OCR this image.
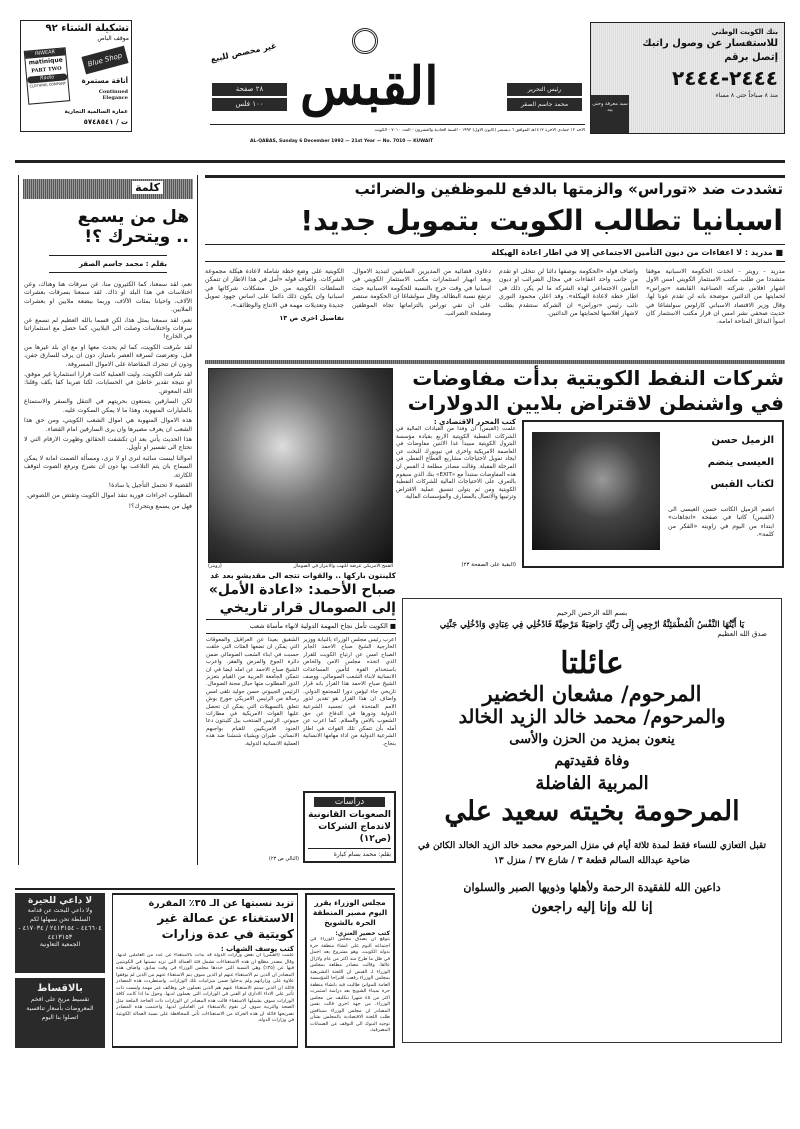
تشكيلة الشتاء ٩٢
موقف الباص
Blue Shop
INWEAR
matinique
PART TWO
Radio
CLOTHING COMPANY	أناقة مستمرة
Continued Elegance
عمارة السالمية التجارية
ت / ٥٧٤٨٥٤١
غير مخصص للبيع
القبس
٢٨ صفحة
١٠٠ فلس
رئيس التحرير
محمد جاسم الصقر
الاحد ١٢ جمادى الآخرة ١٤١٣هـ الموافق ٦ ديسمبر (كانون الأول) ١٩٩٢ - السنة الحادية والعشرون - العدد ٧٠١٠ - الكويت
AL-QABAS, Sunday 6 December 1992 — 21st Year — No. 7010 — KUWAIT
بنك الكويت الوطني
للاستفسار عن وصول راتبك
إتصل برقم
٢٤٤٤-٢٤٤٤
منذ ٨ صباحاً حتى ٨ مساء
سيد معرفة وحتى يبه
كلمة
هل من يسمع
.. ويتحرك ؟!
بقلم : محمد جاسم الصقر
نعم، لقد سمعنا، كما الكثيرون منا، عن سرقات هنا وهناك، وعن اختلاسات في هذا البلد او ذاك. لقد سمعنا بسرقات بعشرات الآلاف، واحيانا بمئات الآلاف، وربما ببضعة ملايين او بعشرات الملايين.
نعم، لقد سمعنا بمثل هذا، لكن قسما بالله العظيم لم نسمع عن سرقات واختلاسات وصلت الى البلايين، كما حصل مع استثماراتنا في الخارج!
لقد سُرقت الكويت، كما لم يحدث معها او مع اي بلد غيرها من قبل، وتعرضت لسرقة العصر بامتياز، دون ان يرف للسارق جفن، ودون ان تتحرك المقاضاة على الاموال المسروقة.
لقد سُرقت الكويت، وليت العملية كانت قرارا استثماريا غير موفق، او نتيجة تقدير خاطئ في الحسابات، لكنا ضربنا كفا بكف وقلنا: الله المعوض.
لكن السارقين يتمتعون بحريتهم في التنقل والسفر والاستمتاع بالمليارات المنهوبة، وهذا ما لا يمكن السكوت عليه.
هذه الاموال المنهوبة هي اموال الشعب الكويتي، ومن حق هذا الشعب ان يعرف مصيرها وان يرى السارقين امام القضاء.
هذا الحديث يأتي بعد ان تكشفت الحقائق وظهرت الارقام التي لا تحتاج الى تفسير او تأويل.
اموالنا ليست سائبة لنرى او لا نرى، ومسألة الصمت امانة لا يمكن السماح بان يتم التلاعب بها دون ان نصرخ ونرفع الصوت لتوقف الكارثة.
القضية لا تحتمل التأجيل يا سادة!
المطلوب اجراءات فورية تنقذ اموال الكويت وتقتص من اللصوص.
فهل من يسمع ويتحرك؟!
تشددت ضد «توراس» والزمتها بالدفع للموظفين والضرائب
اسبانيا تطالب الكويت بتمويل جديد!
■ مدريد : لا اعفاءات من ديون التأمين الاجتماعي إلا في اطار اعادة الهيكلة
مدريد - رويتر - اتخذت الحكومة الاسبانية موقفا متشددا من طلب مكتب الاستثمار الكويتي امس الاول اشهار افلاس شركته الصناعية القابضة «توراس» لحمايتها من الدائنين موضحة بانه لن تقدم عونا لها. وقال وزير الاقتصاد الاسباني كارلوس سولشاغا في حديث صحفي نشر امس ان قرار مكتب الاستثمار كان اسوأ البدائل المتاحة امامه.
واضاف قوله «الحكومة بوصفها دائنا لن تتخلى او تقدم من جانب واحد اعفاءات في مجال الضرائب او ديون التأمين الاجتماعي لهذه الشركة ما لم يكن ذلك في اطار خطة لاعادة الهيكلة». وقد اعلن محمود النوري نائب رئيس «توراس» ان الشركة ستتقدم بطلب لاشهار افلاسها لحمايتها من الدائنين.
دعاوى قضائية من المديرين السابقين لتبديد الاموال. وبعد انهيار استثمارات مكتب الاستثمار الكويتي في اسبانيا في وقت حرج بالنسبة للحكومة الاسبانية حيث ترتفع نسبة البطالة. وقال سولشاغا ان الحكومة ستصر على ان تفي توراس بالتزاماتها تجاه الموظفين ومصلحة الضرائب.
الكويتية على وضع خطة شاملة لاعادة هيكلة مجموعة الشركات. واضاف قوله «أمل في هذا الاطار ان تتمكن السلطات الكويتية من حل مشكلات شركاتها في اسبانيا وان يكون ذلك دائما على اساس جهود تمويل جديدة وتعديلات مهمة في الانتاج والوظائف».
تفاصيل اخرى ص ١٣
القمح الامريكي عرضة للنهب والابتزاز في الصومال
(رويتر)
شركات النفط الكويتية بدأت مفاوضات
في واشنطن لاقتراض بلايين الدولارات
كتب المحرر الاقتصادي :
علمت (القبس) ان وفدا من القيادات المالية في الشركات النفطية الكويتية الاربع بقيادة مؤسسة البترول الكويتية سيبدأ غدا الاثنين مفاوضات في العاصمة الامريكية واخرى في نيويورك للبحث عن ايجاد تمويل لاحتياجات مشاريع القطاع النفطي في المرحلة المقبلة. وقالت مصادر مطلعة لـ القبس ان هذه المفاوضات ستبدأ مع «EXIT» بنك الذي سيقوم بالتعرف على الاحتياجات المالية للشركات النفطية الكويتية ومن ثم يتولى تنسيق عملية الاقتراض وترتيبها والاتصال بالمصارف والمؤسسات المالية.
(البقية على الصفحة ٢٣)
الزميل حسن
العيسى ينضم
لكتاب القبس
انضم الزميل الكاتب حسن العيسى الى (القبس) كاتبا في صفحة «اتجاهات» ابتداء من اليوم في زاويته «الفكر من كلمة».
كلينتون باركها .. والقوات تتجه الى مقديشو بعد غد
صباح الأحمد: «اعادة الأمل»
إلى الصومال قرار تاريخي
■ الكويت تأمل نجاح المهمة الدولية لانهاء مأساة شعب
اعرب رئيس مجلس الوزراء بالنيابة ووزير الخارجية الشيخ صباح الاحمد الجابر الصباح امس عن ارتياح الكويت للقرار الذي اتخذه مجلس الامن والخاص باستخدام القوة لتأمين المساعدات الانسانية لابناء الشعب الصومالي. ووصف الشيخ صباح الاحمد هذا القرار بانه قرار تاريخي جاء ليؤمن دورا للمجتمع الدولي. واضاف ان هذا القرار هو تقدير لدور الامم المتحدة في تجسيد الشرعية الدولية ودورها في الدفاع عن حق الشعوب بالامن والسلام. كما اعرب عن أمله بأن تتمكن تلك القوات في اطار الشرعية الدولية من اداء مهامها الانسانية بنجاح.
دراسات
الصعوبات القانونية لاندماج الشركات (ص١٢)
بقلم: محمد بسام كبارة
الشقيق بعيدا عن العراقيل والمعوقات التي يمكن ان تضعها الفئات التي خلقت حسبت في ابناء الشعب الصومالي ضمن دائرة الجوع والمرض والفقر. واعرب الشيخ صباح الاحمد عن امله ايضا في ان تتمكن الجامعة العربية من القيام بتعزيز الدور المطلوب منها حيال محنة الصومال. الرئيس الجيبوتي حسن جوليد تلقى امس رسالة من الرئيس الامريكي جورج بوش تتعلق بالتسهيلات التي يمكن ان تحصل عليها القوات الامريكية في مطارات جيبوتي. الرئيس المنتخب بيل كلينتون دعا الجنود الامريكيين للقيام بواجبهم الانساني. طيران ويشياء شنشنا ضد هذه العملية الانسانية الدولية.
(التالي ص ٢٣)
بسم الله الرحمن الرحيم
يَا أَيَّتُهَا النَّفْسُ الْمُطْمَئِنَّةُ ارْجِعِي إِلَى رَبِّكِ رَاضِيَةً مَرْضِيَّةً فَادْخُلِي فِي عِبَادِي وَادْخُلِي جَنَّتِي
صدق الله العظيم
عائلتا
المرحوم/ مشعان الخضير
والمرحوم/ محمد خالد الزيد الخالد
ينعون بمزيد من الحزن والأسى
وفاة فقيدتهم
المربية الفاضلة
المرحومة بخيته سعيد علي
تقبل التعازي للنساء فقط لمدة ثلاثة أيام في منزل المرحوم محمد خالد الزيد الخالد الكائن في ضاحية عبدالله السالم قطعة ٣ / شارع ٣٧ / منزل ١٣
داعين الله للفقيدة الرحمة ولأهلها وذويها الصبر والسلوان
إنا لله وإنا إليه راجعون
لا داعي للحيرة
ولا داعي للبحث عن قدامة السلطة نحن نسهلها لكم
٤٤٦٦٠٤ - ٢٤١٣١٥٤ / ٤١٧٠٣٤ - ٤٤١٣١٥٣
الجمعية التعاونية
بالاقساط
تقسيط مريح على افخم المعروضات بأسعار تنافسية
اتصلوا بنا اليوم
تزيد نسبتها عن الـ ٣٥٪ المقررة
الاستغناء عن عمالة غير
كويتية في عدة وزارات
كتب يوسف الشهاب :
علمت (القبس) ان بعض وزارات الدولة قد بدأت بالاستغناء عن عدد من العاملين لديها. وقال مصدر مطلع ان هذه الاستغناءات تشمل فئة العمالة التي تزيد نسبتها في الكويتيين فيها عن (٣٥٪) وهي النسبة التي حددها مجلس الوزراء في وقت سابق. واضاف هذه المصادر ان الذين تم الاستغناء عنهم او الذين سوف يتم الاستغناء عنهم من الذين لم يوفقوا علاوة على وزاراتهم ولم يدخلوا ضمن ميزانيات تلك الوزارات. واستطردت هذه المصادر قائلة ان الذين سيتم الاستغناء عنهم هم الذين يعملون في وظائف غير مهمة وليست ذات تأثير على الاداء الاداري او الفني في الوزارات التي يعملون لديها. وحول ما اذا كانت كافة الوزارات سوف يشملها الاستغناء قالت هذه المصادر ان الوزارات ذات الحاجة الملحة مثل الصحة والتربية سوف لن تقوم بالاستغناء عن العاملين لديها. واختتمت هذه المصادر تصريحها قائلة ان هذه الحركة من الاستغناءات تأتي للمحافظة على نسبة العمالة الكويتية في وزارات الدولة.
مجلس الوزراء يقرر اليوم مصير المنطقة الحرة بالشويخ
كتب خضير العنزي:
يتوقع ان يصدق مجلس الوزراء في اجتماعه اليوم على انشاء منطقة حرة بدولة الكويت، وهو مشروع يعد اجمل في ظل ما طرح منذ اكثر من عام ولازال عالقا. وقالت مصادر مطلعة بمجلس الوزراء لـ القبس ان اللجنة التشريعية بمجلس الوزراء رفعت اقتراحا للمؤسسة العامة للموانئ طالبت فيه بانشاء منطقة حرة بميناء الشويخ بعد دراسة استمرت اكثر من ٤٥ شهرا بتكليف من مجلس الوزراء. من جهة اخرى قالت نفس المصادر ان مجلس الوزراء سيناقش طلب اللجنة الاقتصادية بالمجلس بشأن توجيه البنوك الى التوقف عن الضمانات المصرفية.
